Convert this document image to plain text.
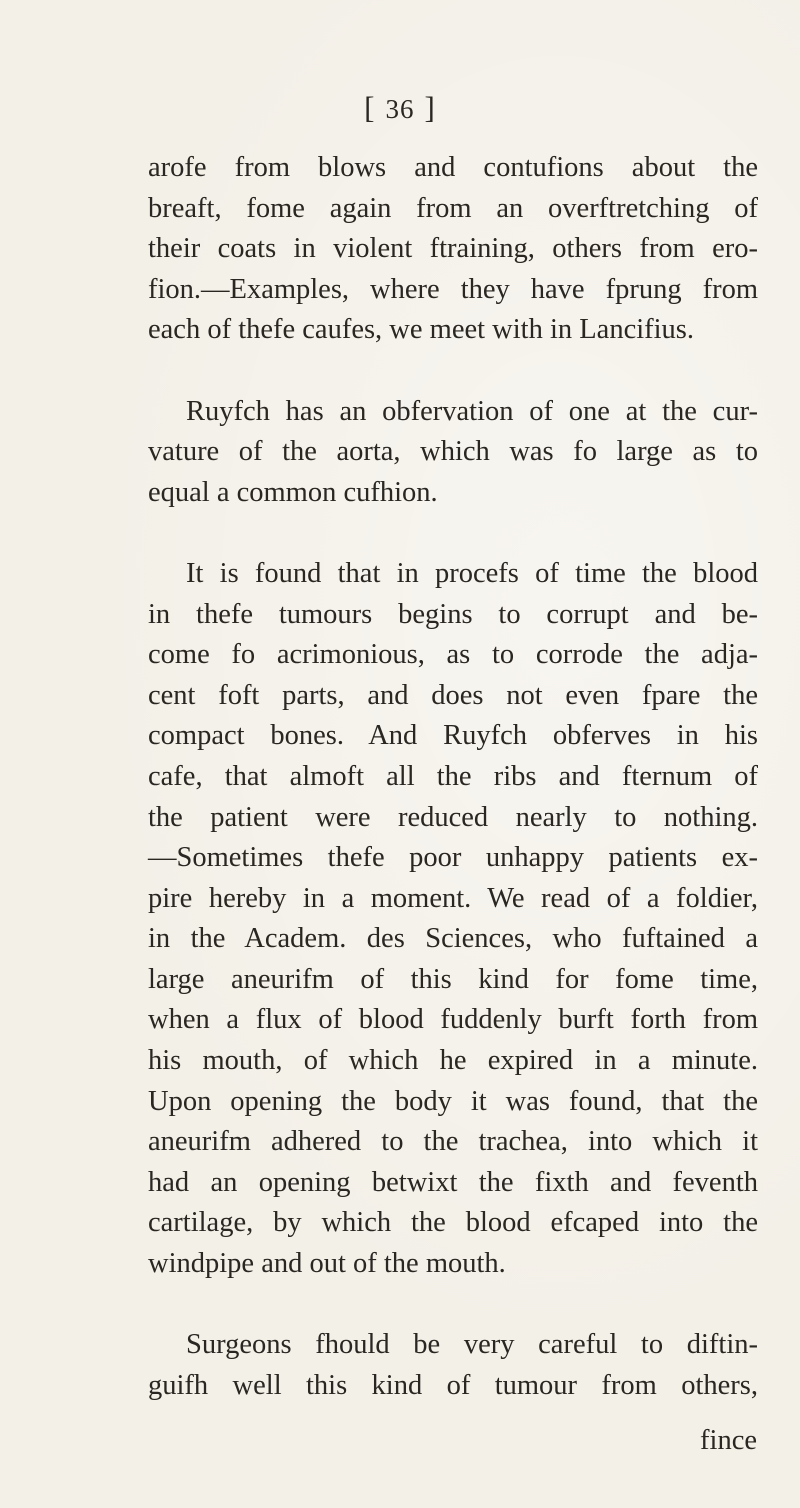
[ 36 ]
arofe from blows and contufions about the
breaft, fome again from an overftretching of
their coats in violent ftraining, others from ero-
fion.—Examples, where they have fprung from
each of thefe caufes, we meet with in Lancifius.
Ruyfch has an obfervation of one at the cur-
vature of the aorta, which was fo large as to
equal a common cufhion.
It is found that in procefs of time the blood
in thefe tumours begins to corrupt and be-
come fo acrimonious, as to corrode the adja-
cent foft parts, and does not even fpare the
compact bones. And Ruyfch obferves in his
cafe, that almoft all the ribs and fternum of
the patient were reduced nearly to nothing.
—Sometimes thefe poor unhappy patients ex-
pire hereby in a moment. We read of a foldier,
in the Academ. des Sciences, who fuftained a
large aneurifm of this kind for fome time,
when a flux of blood fuddenly burft forth from
his mouth, of which he expired in a minute.
Upon opening the body it was found, that the
aneurifm adhered to the trachea, into which it
had an opening betwixt the fixth and feventh
cartilage, by which the blood efcaped into the
windpipe and out of the mouth.
Surgeons fhould be very careful to diftin-
guifh well this kind of tumour from others,
fince
